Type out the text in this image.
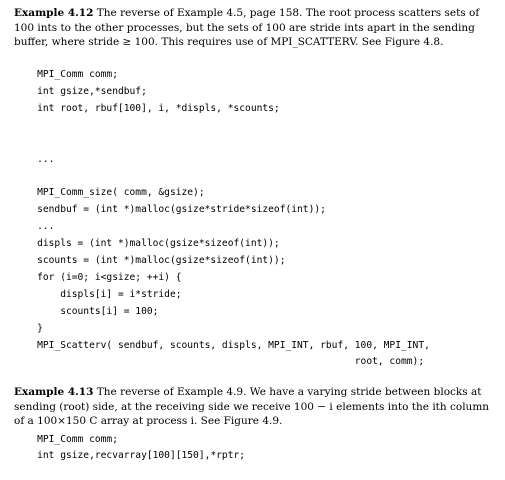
Example 4.12 The reverse of Example 4.5, page 158. The root process scatters sets of 100 ints to the other processes, but the sets of 100 are stride ints apart in the sending buffer, where stride ≥ 100. This requires use of MPI_SCATTERV. See Figure 4.8.
MPI_Comm comm;
int gsize,*sendbuf;
int root, rbuf[100], i, *displs, *scounts;

...

MPI_Comm_size( comm, &gsize);
sendbuf = (int *)malloc(gsize*stride*sizeof(int));
...
displs = (int *)malloc(gsize*sizeof(int));
scounts = (int *)malloc(gsize*sizeof(int));
for (i=0; i<gsize; ++i) {
displs[i] = i*stride;
scounts[i] = 100;
}
MPI_Scatterv( sendbuf, scounts, displs, MPI_INT, rbuf, 100, MPI_INT,
root, comm);
Example 4.13 The reverse of Example 4.9. We have a varying stride between blocks at sending (root) side, at the receiving side we receive 100 − i elements into the ith column of a 100×150 C array at process i. See Figure 4.9.
MPI_Comm comm;
int gsize,recvarray[100][150],*rptr;
